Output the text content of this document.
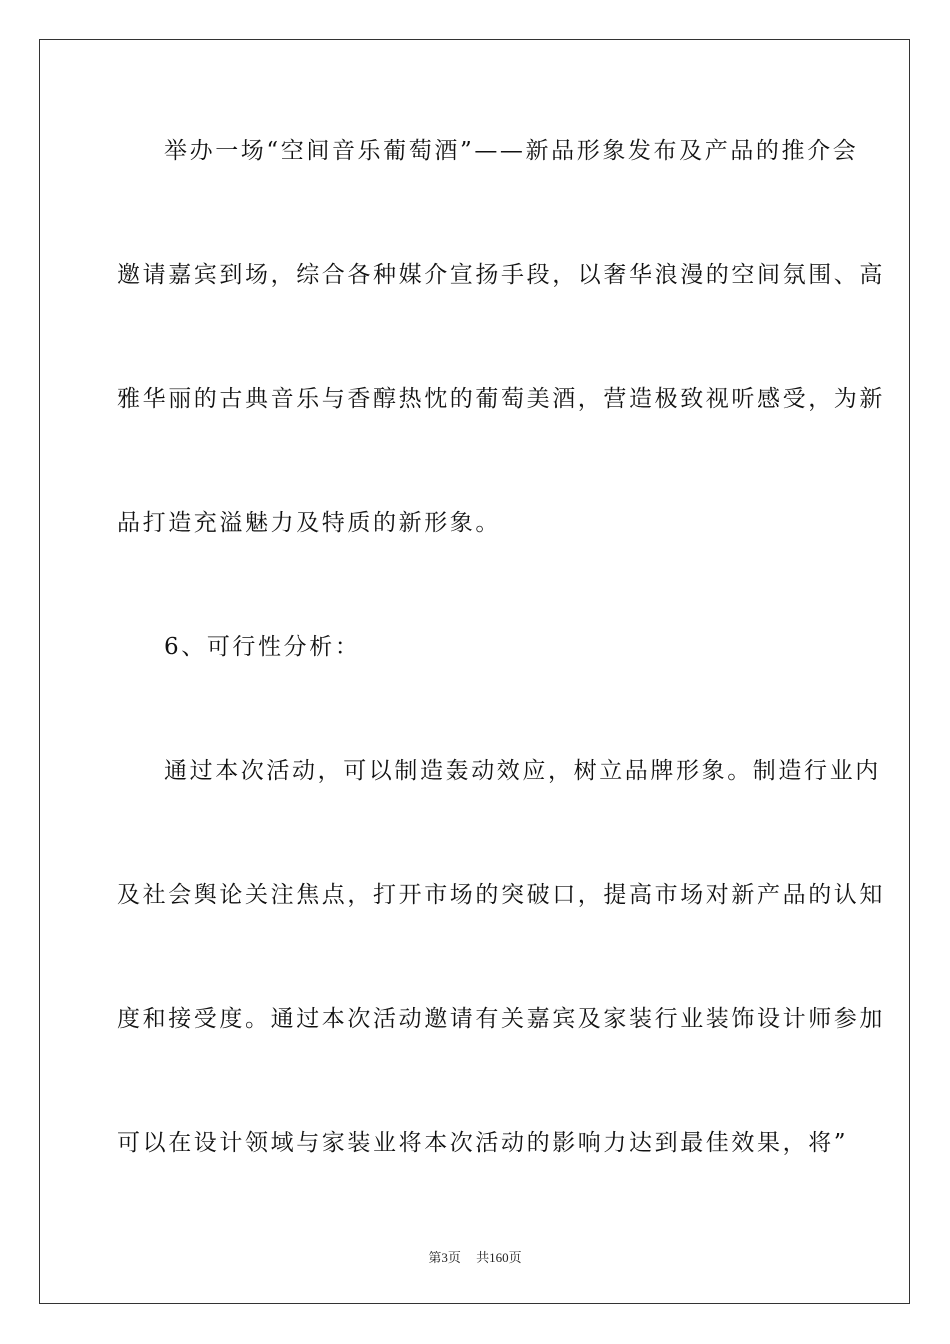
举办一场“空间音乐葡萄酒”——新品形象发布及产品的推介会
邀请嘉宾到场，综合各种媒介宣扬手段，以奢华浪漫的空间氛围、高
雅华丽的古典音乐与香醇热忱的葡萄美酒，营造极致视听感受，为新
品打造充溢魅力及特质的新形象。
6、可行性分析：
通过本次活动，可以制造轰动效应，树立品牌形象。制造行业内
及社会舆论关注焦点，打开市场的突破口，提高市场对新产品的认知
度和接受度。通过本次活动邀请有关嘉宾及家装行业装饰设计师参加
可以在设计领域与家装业将本次活动的影响力达到最佳效果，将”
第3页 共160页
